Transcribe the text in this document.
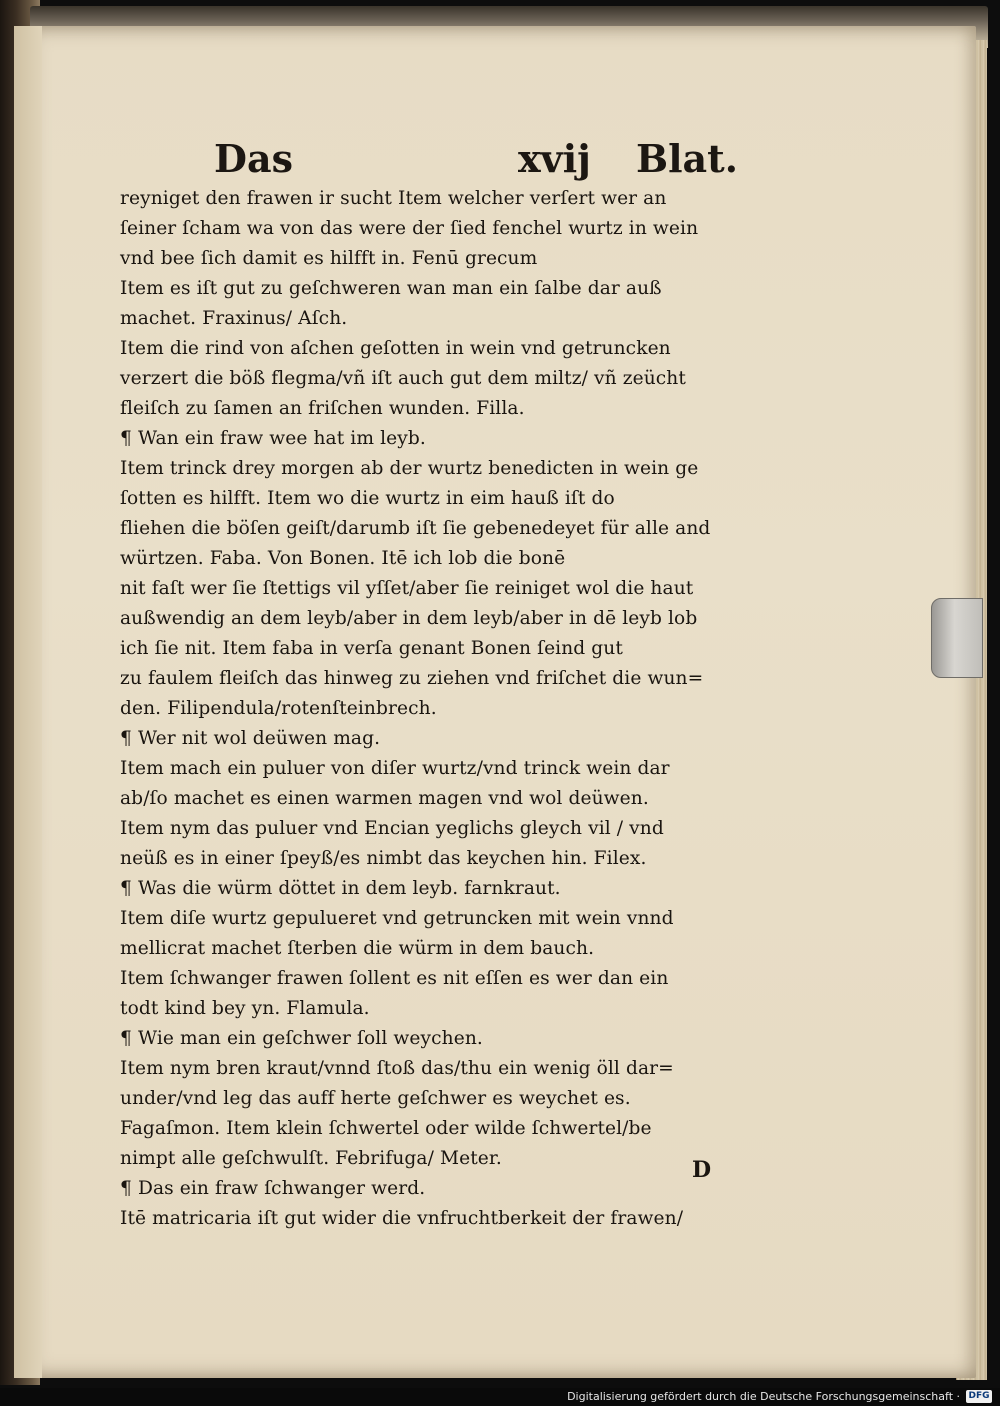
Das	xvij Blat.
reyniget den frawen ir sucht Item welcher verſert wer an
ſeiner ſcham wa von das were der ſied fenchel wurtz in wein
vnd bee ſich damit es hilfft in. Fenū grecum
Item es iſt gut zu geſchweren wan man ein ſalbe dar auß
machet. Fraxinus/ Aſch.
Item die rind von aſchen geſotten in wein vnd getruncken
verzert die böß flegma/vñ iſt auch gut dem miltz/ vñ zeücht
fleiſch zu ſamen an friſchen wunden. Filla.
¶ Wan ein fraw wee hat im leyb.
Item trinck drey morgen ab der wurtz benedicten in wein ge
ſotten es hilfft. Item wo die wurtz in eim hauß iſt do
fliehen die böſen geiſt/darumb iſt ſie gebenedeyet für alle and
würtzen. Faba. Von Bonen. Itē ich lob die bonē
nit faſt wer ſie ſtettigs vil yſſet/aber ſie reiniget wol die haut
außwendig an dem leyb/aber in dem leyb/aber in dē leyb lob
ich ſie nit. Item faba in verſa genant Bonen ſeind gut
zu faulem fleiſch das hinweg zu ziehen vnd friſchet die wun=
den. Filipendula/rotenſteinbrech.
¶ Wer nit wol deüwen mag.
Item mach ein puluer von diſer wurtz/vnd trinck wein dar
ab/ſo machet es einen warmen magen vnd wol deüwen.
Item nym das puluer vnd Encian yeglichs gleych vil / vnd
neüß es in einer ſpeyß/es nimbt das keychen hin. Filex.
¶ Was die würm döttet in dem leyb. farnkraut.
Item diſe wurtz gepulueret vnd getruncken mit wein vnnd
mellicrat machet ſterben die würm in dem bauch.
Item ſchwanger frawen ſollent es nit eſſen es wer dan ein
todt kind bey yn. Flamula.
¶ Wie man ein geſchwer ſoll weychen.
Item nym bren kraut/vnnd ſtoß das/thu ein wenig öll dar=
under/vnd leg das auff herte geſchwer es weychet es.
Fagaſmon. Item klein ſchwertel oder wilde ſchwertel/be
nimpt alle geſchwulſt. Febrifuga/ Meter.
¶ Das ein fraw ſchwanger werd.
Itē matricaria iſt gut wider die vnfruchtberkeit der frawen/
D
Digitalisierung gefördert durch die Deutsche Forschungsgemeinschaft · DFG
